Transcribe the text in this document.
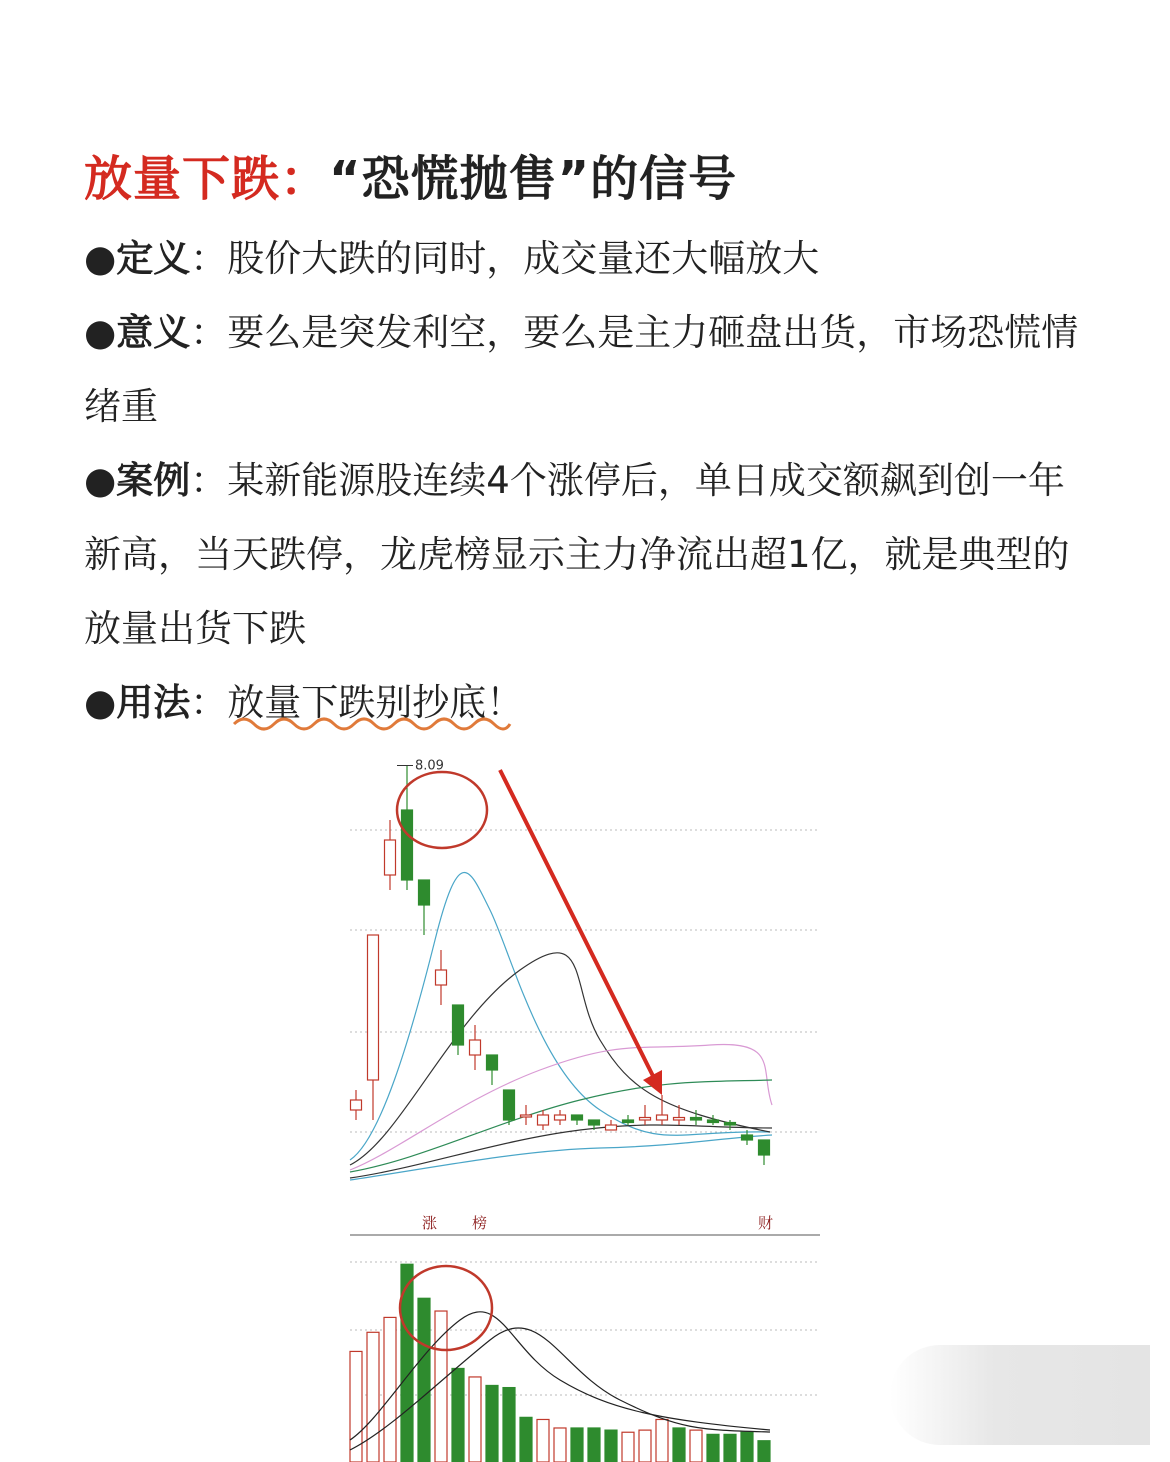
放量下跌：“恐慌抛售”的信号
●定义：股价大跌的同时，成交量还大幅放大
●意义：要么是突发利空，要么是主力砸盘出货，市场恐慌情绪重
●案例：某新能源股连续4个涨停后，单日成交额飙到创一年新高，当天跌停，龙虎榜显示主力净流出超1亿，就是典型的放量出货下跌
●用法：放量下跌别抄底！
8.09
涨 榜	财
